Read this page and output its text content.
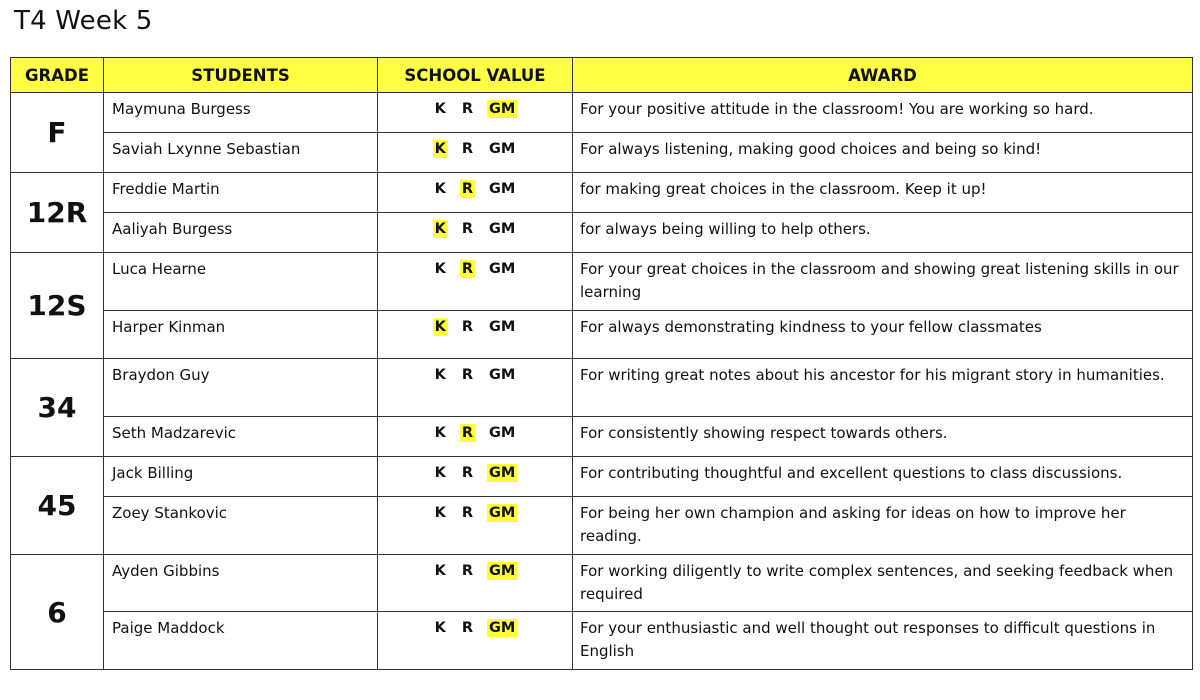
T4 Week 5
GRADE	STUDENTS	SCHOOL VALUE	AWARD
F	Maymuna Burgess	K R GM	For your positive attitude in the classroom! You are working so hard.

	Saviah Lxynne Sebastian	K R GM	For always listening, making good choices and being so kind!
12R	Freddie Martin	K R GM	for making great choices in the classroom. Keep it up!

	Aaliyah Burgess	K R GM	for always being willing to help others.
12S	Luca Hearne	K R GM	For your great choices in the classroom and showing great listening skills in our learning

	Harper Kinman	K R GM	For always demonstrating kindness to your fellow classmates
34	Braydon Guy	K R GM	For writing great notes about his ancestor for his migrant story in humanities.

	Seth Madzarevic	K R GM	For consistently showing respect towards others.
45	Jack Billing	K R GM	For contributing thoughtful and excellent questions to class discussions.

	Zoey Stankovic	K R GM	For being her own champion and asking for ideas on how to improve her reading.
6	Ayden Gibbins	K R GM	For working diligently to write complex sentences, and seeking feedback when required

	Paige Maddock	K R GM	For your enthusiastic and well thought out responses to difficult questions in English
